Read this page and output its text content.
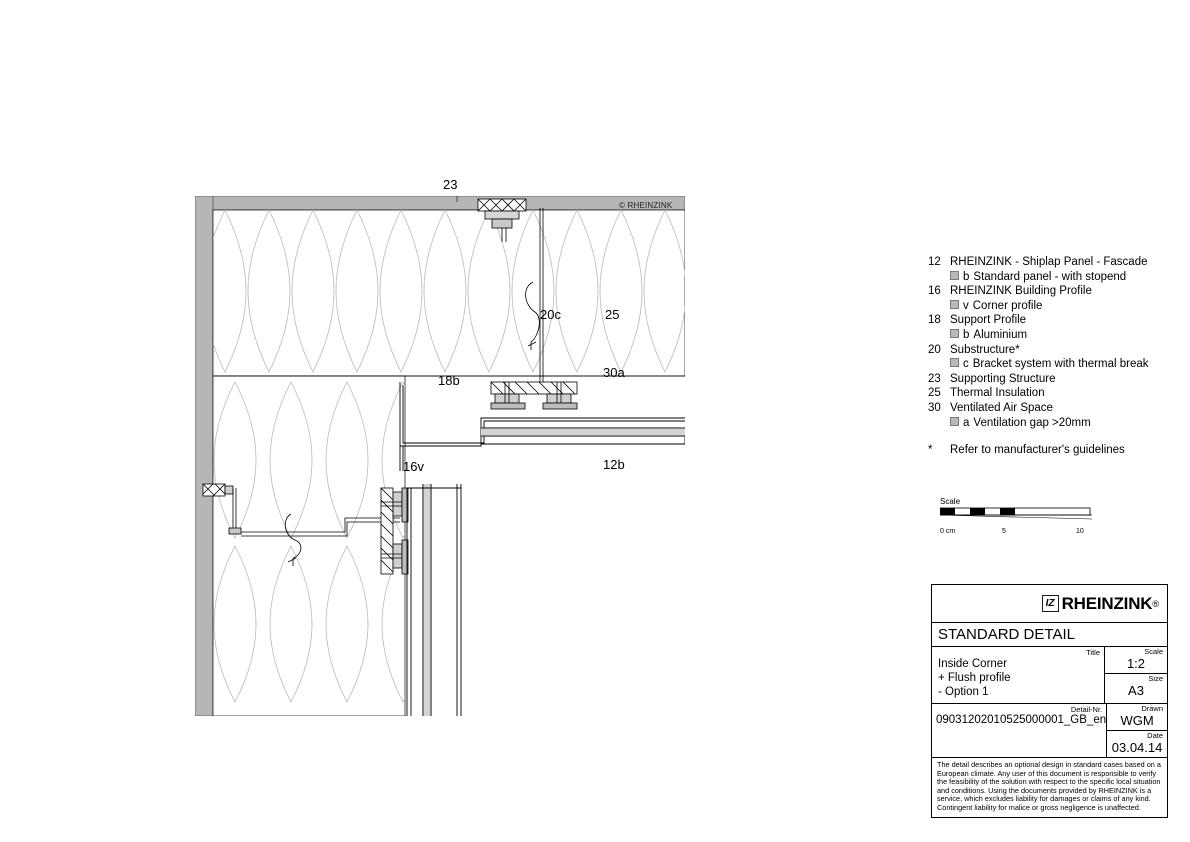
© RHEINZINK
23
20c	25
18b
30a
16v	12b
12 RHEINZINK - Shiplap Panel - Fascade
b Standard panel - with stopend
16 RHEINZINK Building Profile
v Corner profile
18 Support Profile
b Aluminium
20 Substructure*
c Bracket system with thermal break
23 Supporting Structure
25 Thermal Insulation
30 Ventilated Air Space
a Ventilation gap >20mm
*	Refer to manufacturer's guidelines
Scale
0 cm	5	10
IZ RHEINZINK ®
STANDARD DETAIL
Title
Inside Corner
+ Flush profile
- Option 1
Scale
1:2
Size
A3
Detail-Nr.
09031202010525000001_GB_en
Drawn
WGM
Date
03.04.14
The detail describes an optional design in standard cases based on a European climate. Any user of this document is responsible to verify the feasibility of the solution with respect to the specific local situation and conditions. Using the documents provided by RHEINZINK is a service, which excludes liability for damages or claims of any kind. Contingent liability for malice or gross negligence is unaffected.
